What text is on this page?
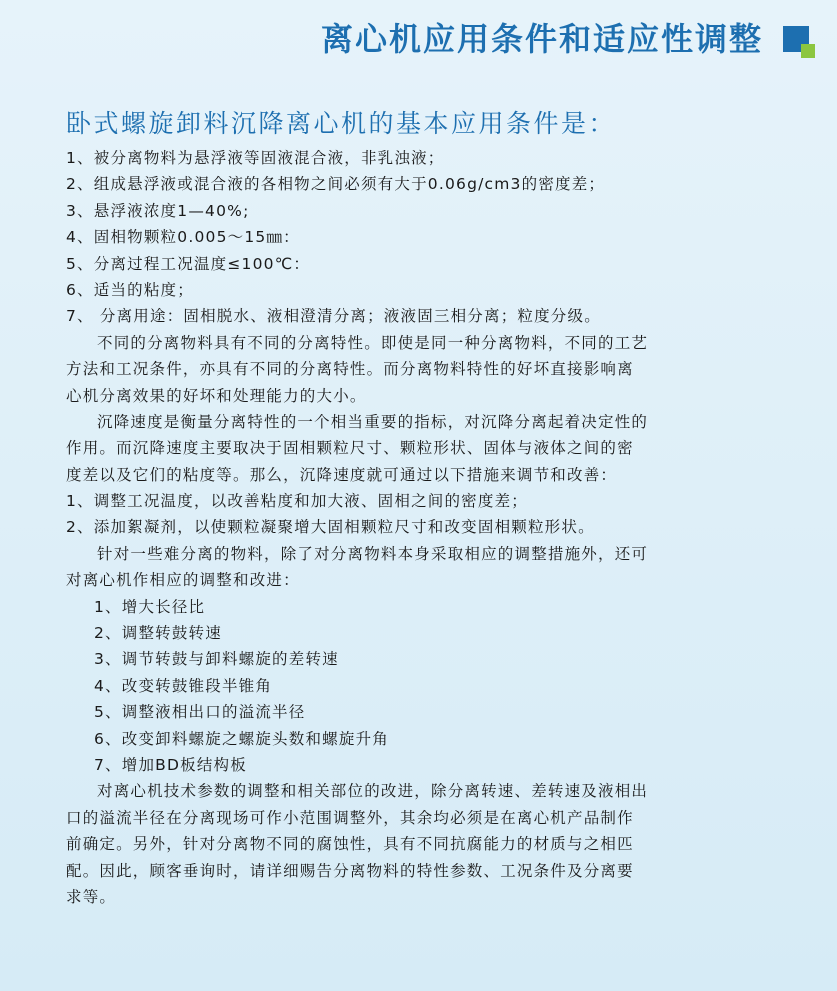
离心机应用条件和适应性调整
卧式螺旋卸料沉降离心机的基本应用条件是：
1、被分离物料为悬浮液等固液混合液，非乳浊液；
2、组成悬浮液或混合液的各相物之间必须有大于0.06g/cm3的密度差；
3、悬浮液浓度1—40%;
4、固相物颗粒0.005～15㎜：
5、分离过程工况温度≤100℃：
6、适当的粘度；
7、 分离用途：固相脱水、液相澄清分离；液液固三相分离；粒度分级。
不同的分离物料具有不同的分离特性。即使是同一种分离物料，不同的工艺
方法和工况条件，亦具有不同的分离特性。而分离物料特性的好坏直接影响离
心机分离效果的好坏和处理能力的大小。
沉降速度是衡量分离特性的一个相当重要的指标，对沉降分离起着决定性的
作用。而沉降速度主要取决于固相颗粒尺寸、颗粒形状、固体与液体之间的密
度差以及它们的粘度等。那么，沉降速度就可通过以下措施来调节和改善：
1、调整工况温度，以改善粘度和加大液、固相之间的密度差；
2、添加絮凝剂，以使颗粒凝聚增大固相颗粒尺寸和改变固相颗粒形状。
针对一些难分离的物料，除了对分离物料本身采取相应的调整措施外，还可
对离心机作相应的调整和改进：
1、增大长径比
2、调整转鼓转速
3、调节转鼓与卸料螺旋的差转速
4、改变转鼓锥段半锥角
5、调整液相出口的溢流半径
6、改变卸料螺旋之螺旋头数和螺旋升角
7、增加BD板结构板
对离心机技术参数的调整和相关部位的改进，除分离转速、差转速及液相出
口的溢流半径在分离现场可作小范围调整外，其余均必须是在离心机产品制作
前确定。另外，针对分离物不同的腐蚀性，具有不同抗腐能力的材质与之相匹
配。因此，顾客垂询时，请详细赐告分离物料的特性参数、工况条件及分离要
求等。
